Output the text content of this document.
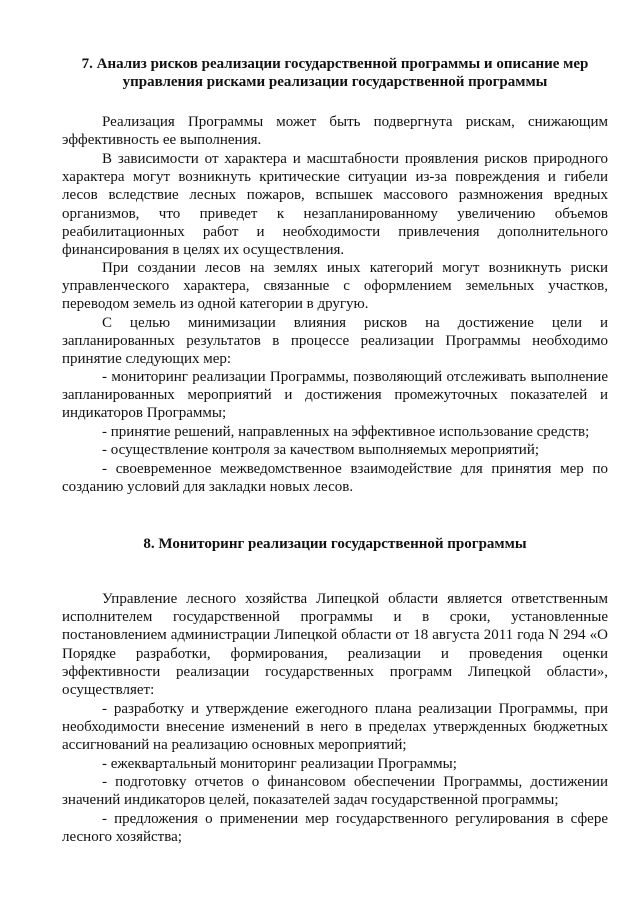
7. Анализ рисков реализации государственной программы и описание мер управления рисками реализации государственной программы
Реализация Программы может быть подвергнута рискам, снижающим эффективность ее выполнения.
В зависимости от характера и масштабности проявления рисков природного характера могут возникнуть критические ситуации из-за повреждения и гибели лесов вследствие лесных пожаров, вспышек массового размножения вредных организмов, что приведет к незапланированному увеличению объемов реабилитационных работ и необходимости привлечения дополнительного финансирования в целях их осуществления.
При создании лесов на землях иных категорий могут возникнуть риски управленческого характера, связанные с оформлением земельных участков, переводом земель из одной категории в другую.
С целью минимизации влияния рисков на достижение цели и запланированных результатов в процессе реализации Программы необходимо принятие следующих мер:
- мониторинг реализации Программы, позволяющий отслеживать выполнение запланированных мероприятий и достижения промежуточных показателей и индикаторов Программы;
- принятие решений, направленных на эффективное использование средств;
- осуществление контроля за качеством выполняемых мероприятий;
- своевременное межведомственное взаимодействие для принятия мер по созданию условий для закладки новых лесов.
8. Мониторинг реализации государственной программы
Управление лесного хозяйства Липецкой области является ответственным исполнителем государственной программы и в сроки, установленные постановлением администрации Липецкой области от 18 августа 2011 года N 294 «О Порядке разработки, формирования, реализации и проведения оценки эффективности реализации государственных программ Липецкой области», осуществляет:
- разработку и утверждение ежегодного плана реализации Программы, при необходимости внесение изменений в него в пределах утвержденных бюджетных ассигнований на реализацию основных мероприятий;
- ежеквартальный мониторинг реализации Программы;
- подготовку отчетов о финансовом обеспечении Программы, достижении значений индикаторов целей, показателей задач государственной программы;
- предложения о применении мер государственного регулирования в сфере лесного хозяйства;
